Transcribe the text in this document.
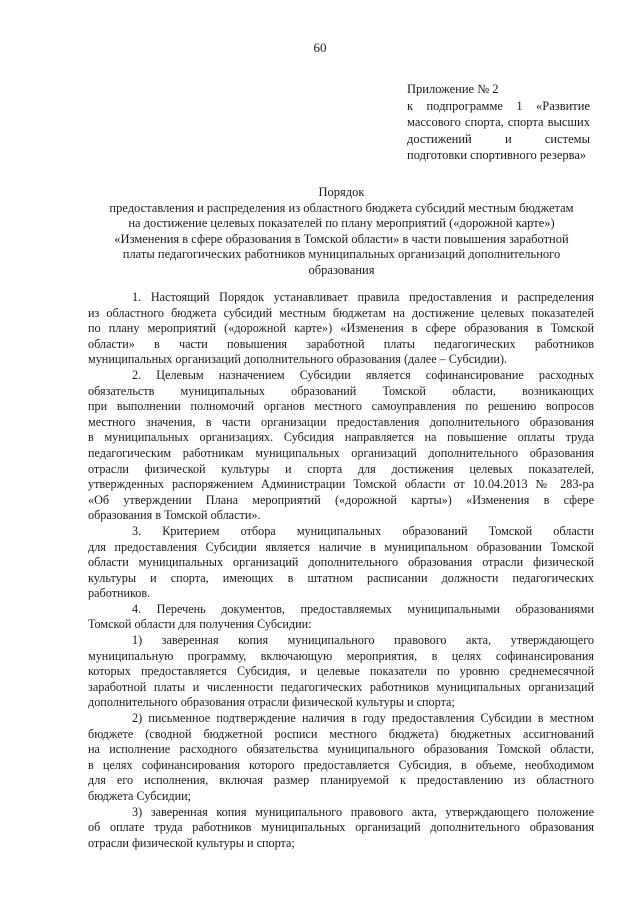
60
Приложение № 2
к подпрограмме 1 «Развитие
массового спорта, спорта высших
достижений и системы
подготовки спортивного резерва»
Порядок
предоставления и распределения из областного бюджета субсидий местным бюджетам
на достижение целевых показателей по плану мероприятий («дорожной карте»)
«Изменения в сфере образования в Томской области» в части повышения заработной
платы педагогических работников муниципальных организаций дополнительного
образования
1. Настоящий Порядок устанавливает правила предоставления и распределения
из областного бюджета субсидий местным бюджетам на достижение целевых показателей
по плану мероприятий («дорожной карте») «Изменения в сфере образования в Томской
области» в части повышения заработной платы педагогических работников
муниципальных организаций дополнительного образования (далее – Субсидии).
2. Целевым назначением Субсидии является софинансирование расходных
обязательств муниципальных образований Томской области, возникающих
при выполнении полномочий органов местного самоуправления по решению вопросов
местного значения, в части организации предоставления дополнительного образования
в муниципальных организациях. Субсидия направляется на повышение оплаты труда
педагогическим работникам муниципальных организаций дополнительного образования
отрасли физической культуры и спорта для достижения целевых показателей,
утвержденных распоряжением Администрации Томской области от 10.04.2013 № 283-ра
«Об утверждении Плана мероприятий («дорожной карты») «Изменения в сфере
образования в Томской области».
3. Критерием отбора муниципальных образований Томской области
для предоставления Субсидии является наличие в муниципальном образовании Томской
области муниципальных организаций дополнительного образования отрасли физической
культуры и спорта, имеющих в штатном расписании должности педагогических
работников.
4. Перечень документов, предоставляемых муниципальными образованиями
Томской области для получения Субсидии:
1) заверенная копия муниципального правового акта, утверждающего
муниципальную программу, включающую мероприятия, в целях софинансирования
которых предоставляется Субсидия, и целевые показатели по уровню среднемесячной
заработной платы и численности педагогических работников муниципальных организаций
дополнительного образования отрасли физической культуры и спорта;
2) письменное подтверждение наличия в году предоставления Субсидии в местном
бюджете (сводной бюджетной росписи местного бюджета) бюджетных ассигнований
на исполнение расходного обязательства муниципального образования Томской области,
в целях софинансирования которого предоставляется Субсидия, в объеме, необходимом
для его исполнения, включая размер планируемой к предоставлению из областного
бюджета Субсидии;
3) заверенная копия муниципального правового акта, утверждающего положение
об оплате труда работников муниципальных организаций дополнительного образования
отрасли физической культуры и спорта;
